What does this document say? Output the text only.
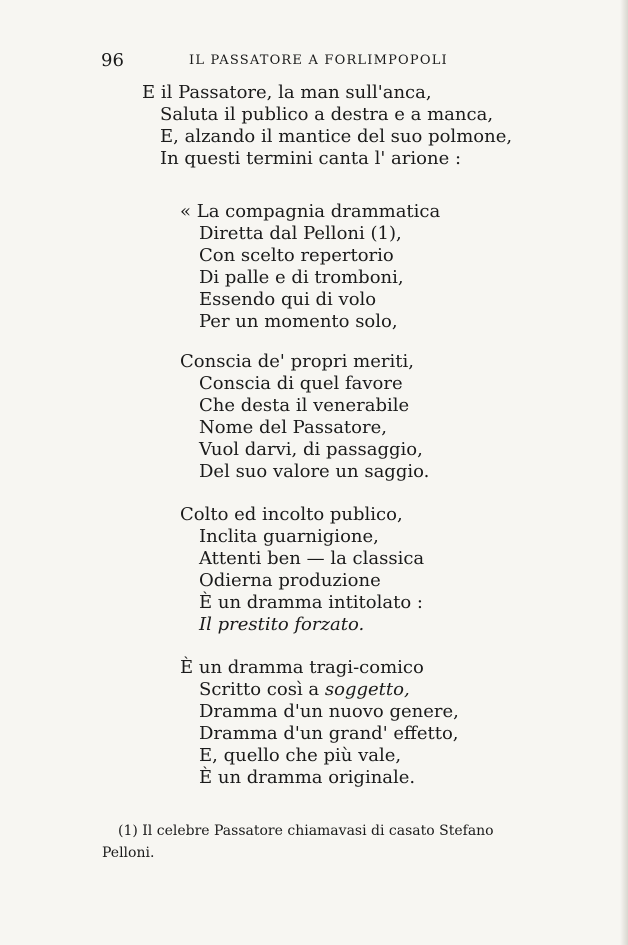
96	IL PASSATORE A FORLIMPOPOLI
E il Passatore, la man sull'anca,
Saluta il publico a destra e a manca,
E, alzando il mantice del suo polmone,
In questi termini canta l' arione :
« La compagnia drammatica
Diretta dal Pelloni (1),
Con scelto repertorio
Di palle e di tromboni,
Essendo qui di volo
Per un momento solo,
Conscia de' propri meriti,
Conscia di quel favore
Che desta il venerabile
Nome del Passatore,
Vuol darvi, di passaggio,
Del suo valore un saggio.
Colto ed incolto publico,
Inclita guarnigione,
Attenti ben — la classica
Odierna produzione
È un dramma intitolato :
Il prestito forzato.
È un dramma tragi-comico
Scritto così a soggetto,
Dramma d'un nuovo genere,
Dramma d'un grand' effetto,
E, quello che più vale,
È un dramma originale.
(1) Il celebre Passatore chiamavasi di casato Stefano
Pelloni.
